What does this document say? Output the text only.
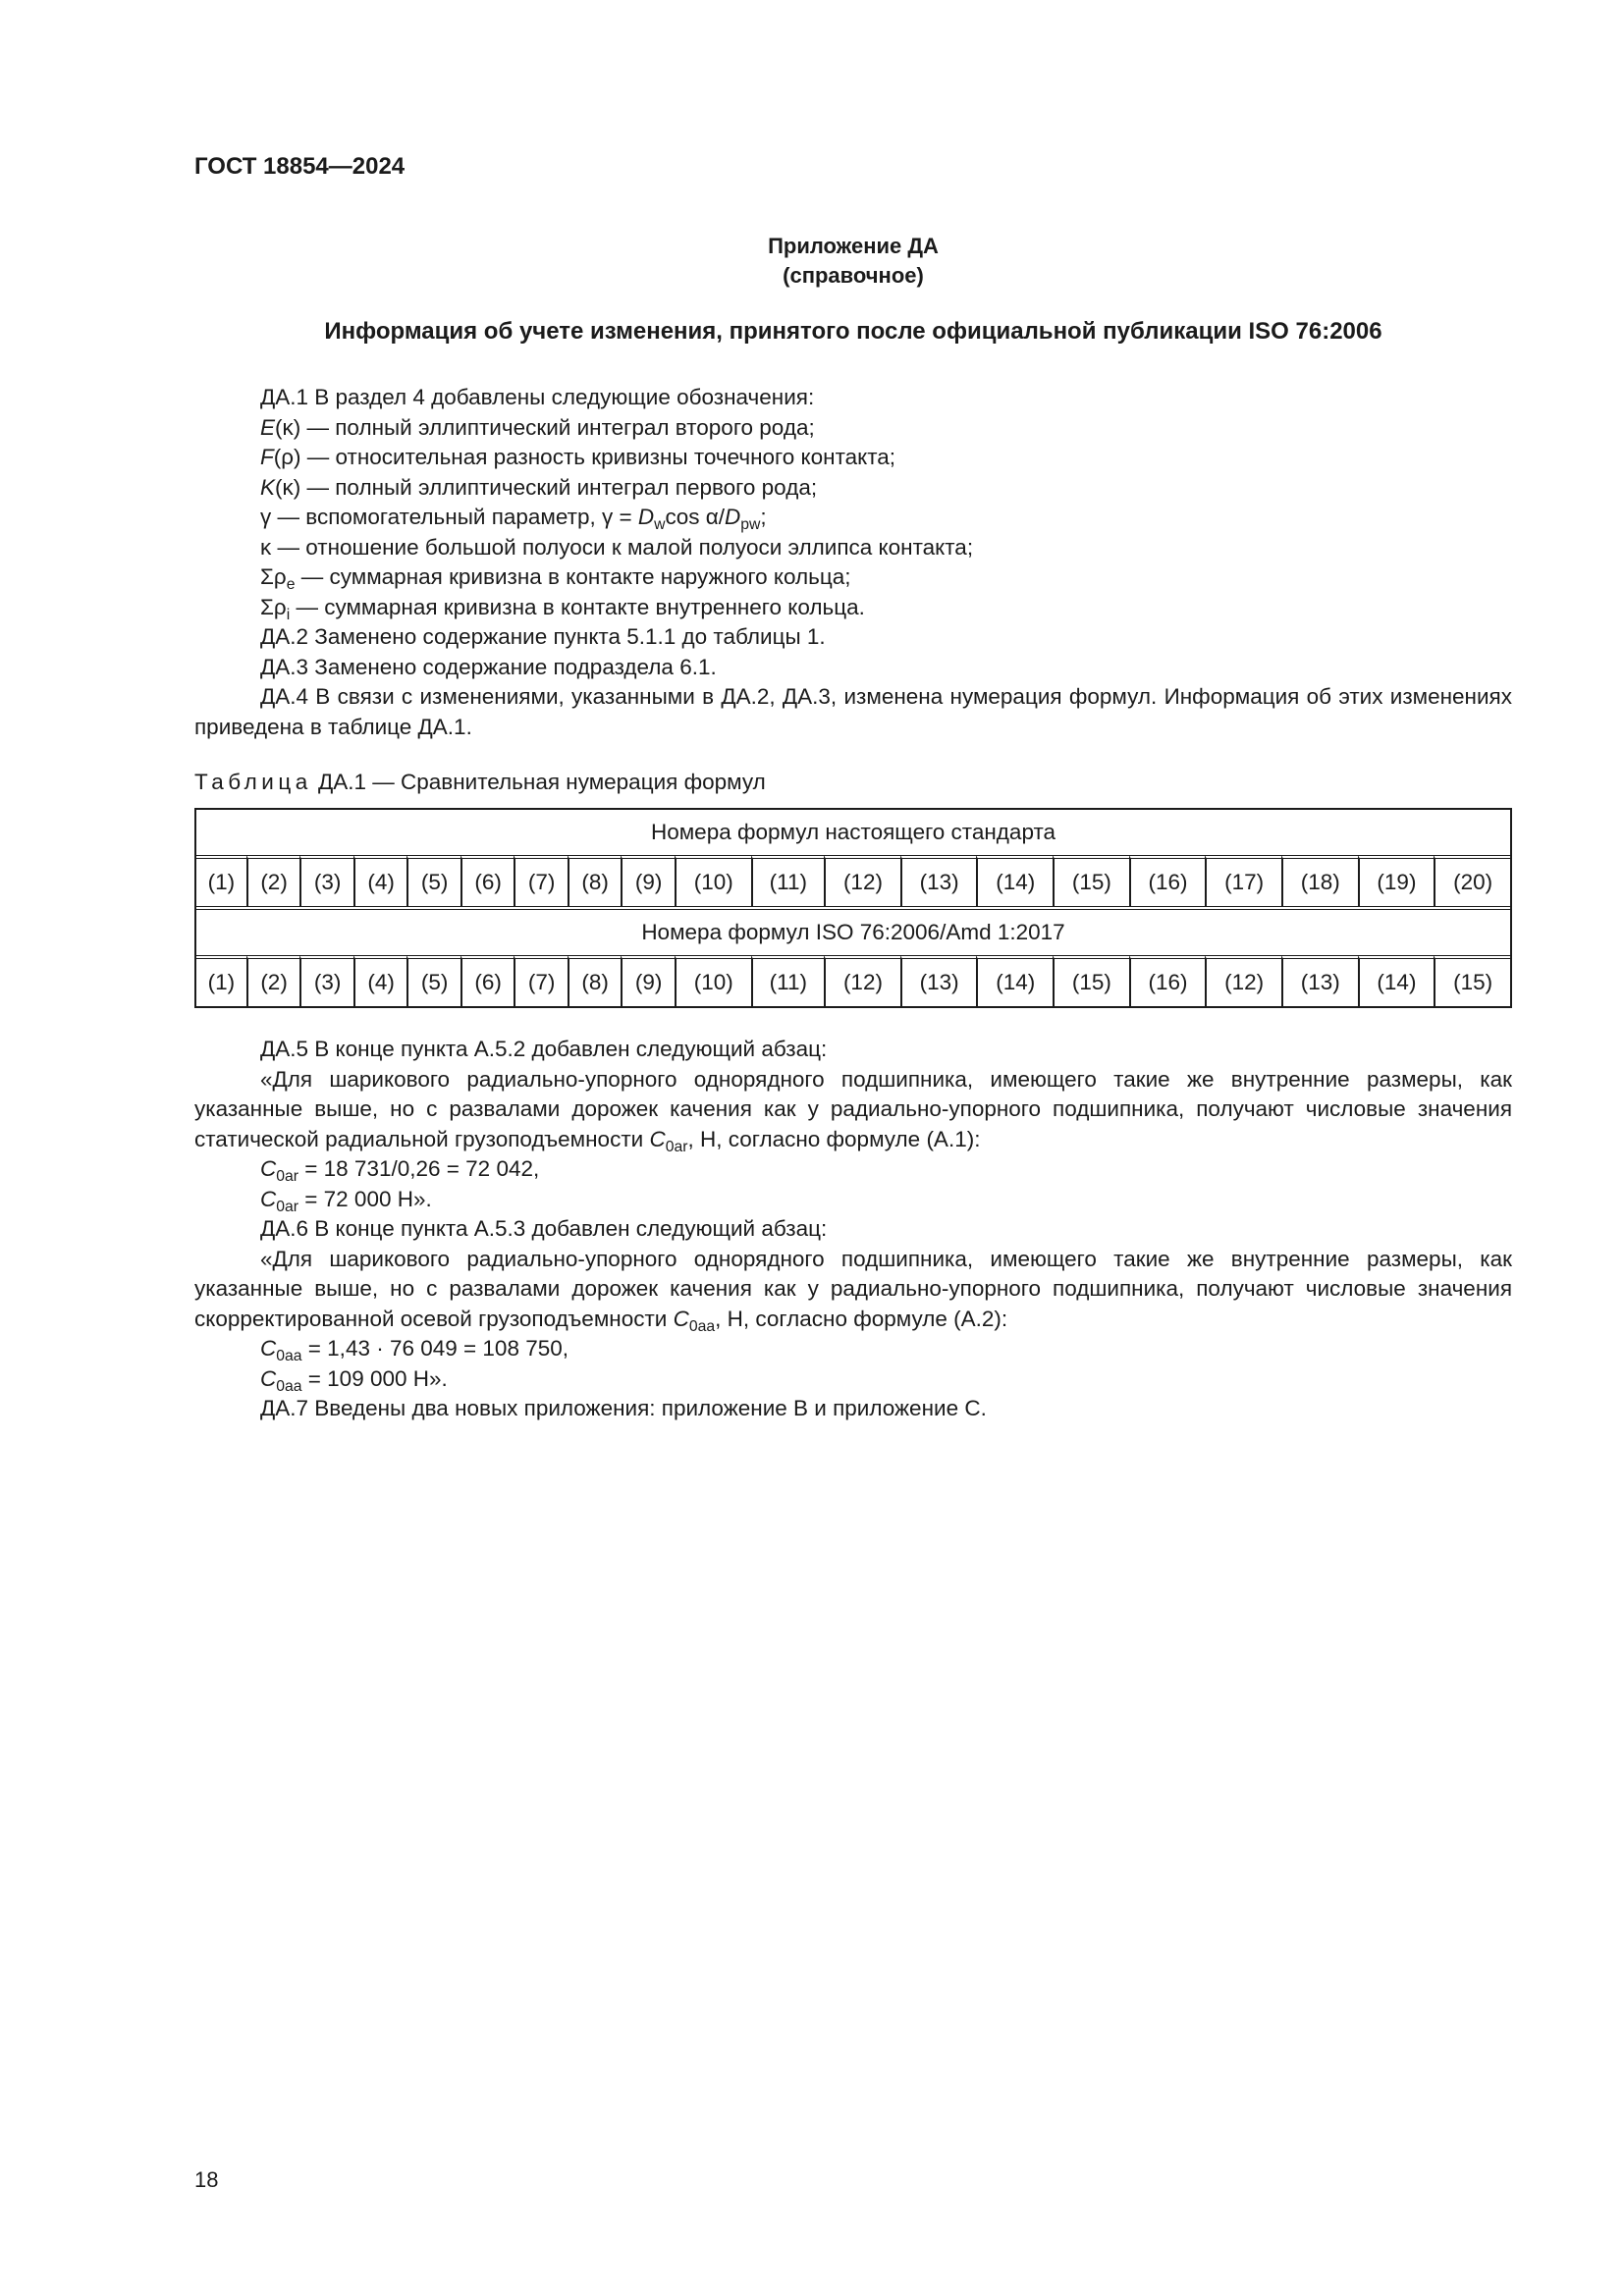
ГОСТ 18854—2024
Приложение ДА
(справочное)
Информация об учете изменения, принятого после официальной публикации ISO 76:2006

ДА.1 В раздел 4 добавлены следующие обозначения:

E(κ) — полный эллиптический интеграл второго рода;

F(ρ) — относительная разность кривизны точечного контакта;

K(κ) — полный эллиптический интеграл первого рода;

γ — вспомогательный параметр, $\gamma = D_w\cos$ $\alpha/D_{pw}$;

κ — отношение большой полуоси к малой полуоси эллипса контакта;

$\Sigma\rho_e$ — суммарная кривизна в контакте наружного кольца;

$\Sigma\rho_i$ — суммарная кривизна в контакте внутреннего кольца.

ДА.2 Заменено содержание пункта 5.1.1 до таблицы 1.

ДА.3 Заменено содержание подраздела 6.1.

ДА.4 В связи с изменениями, указанными в ДА.2, ДА.3, изменена нумерация формул. Информация об этих изменениях приведена в таблице ДА.1.

Таблица ДА.1 — Сравнительная нумерация формул
Номера формул настоящего стандарта																			
(1)	(2)	(3)	(4)	(5)	(6)	(7)	(8)	(9)	(10)	(11)	(12)	(13)	(14)	(15)	(16)	(17)	(18)	(19)	(20)
Номера формул ISO 76:2006/Amd 1:2017																			
(1)	(2)	(3)	(4)	(5)	(6)	(7)	(8)	(9)	(10)	(11)	(12)	(13)	(14)	(15)	(16)	(12)	(13)	(14)	(15)

ДА.5 В конце пункта А.5.2 добавлен следующий абзац:

«Для шарикового радиально-упорного однорядного подшипника, имеющего такие же внутренние размеры, как указанные выше, но с развалами дорожек качения как у радиально-упорного подшипника, получают числовые значения статической радиальной грузоподъемности $C_{0ar}$, Н, согласно формуле (А.1):

$C_{0ar} = 18$ 731/0,26 = 72 042,

$C_{0ar} = 72$ 000 Н».

ДА.6 В конце пункта А.5.3 добавлен следующий абзац:

«Для шарикового радиально-упорного однорядного подшипника, имеющего такие же внутренние размеры, как указанные выше, но с развалами дорожек качения как у радиально-упорного подшипника, получают числовые значения скорректированной осевой грузоподъемности $C_{0aa}$, Н, согласно формуле (А.2):

$C_{0aa} = 1,43 \cdot 76$ 049 = 108 750,

$C_{0aa} = 109$ 000 Н».

ДА.7 Введены два новых приложения: приложение B и приложение С.

18
